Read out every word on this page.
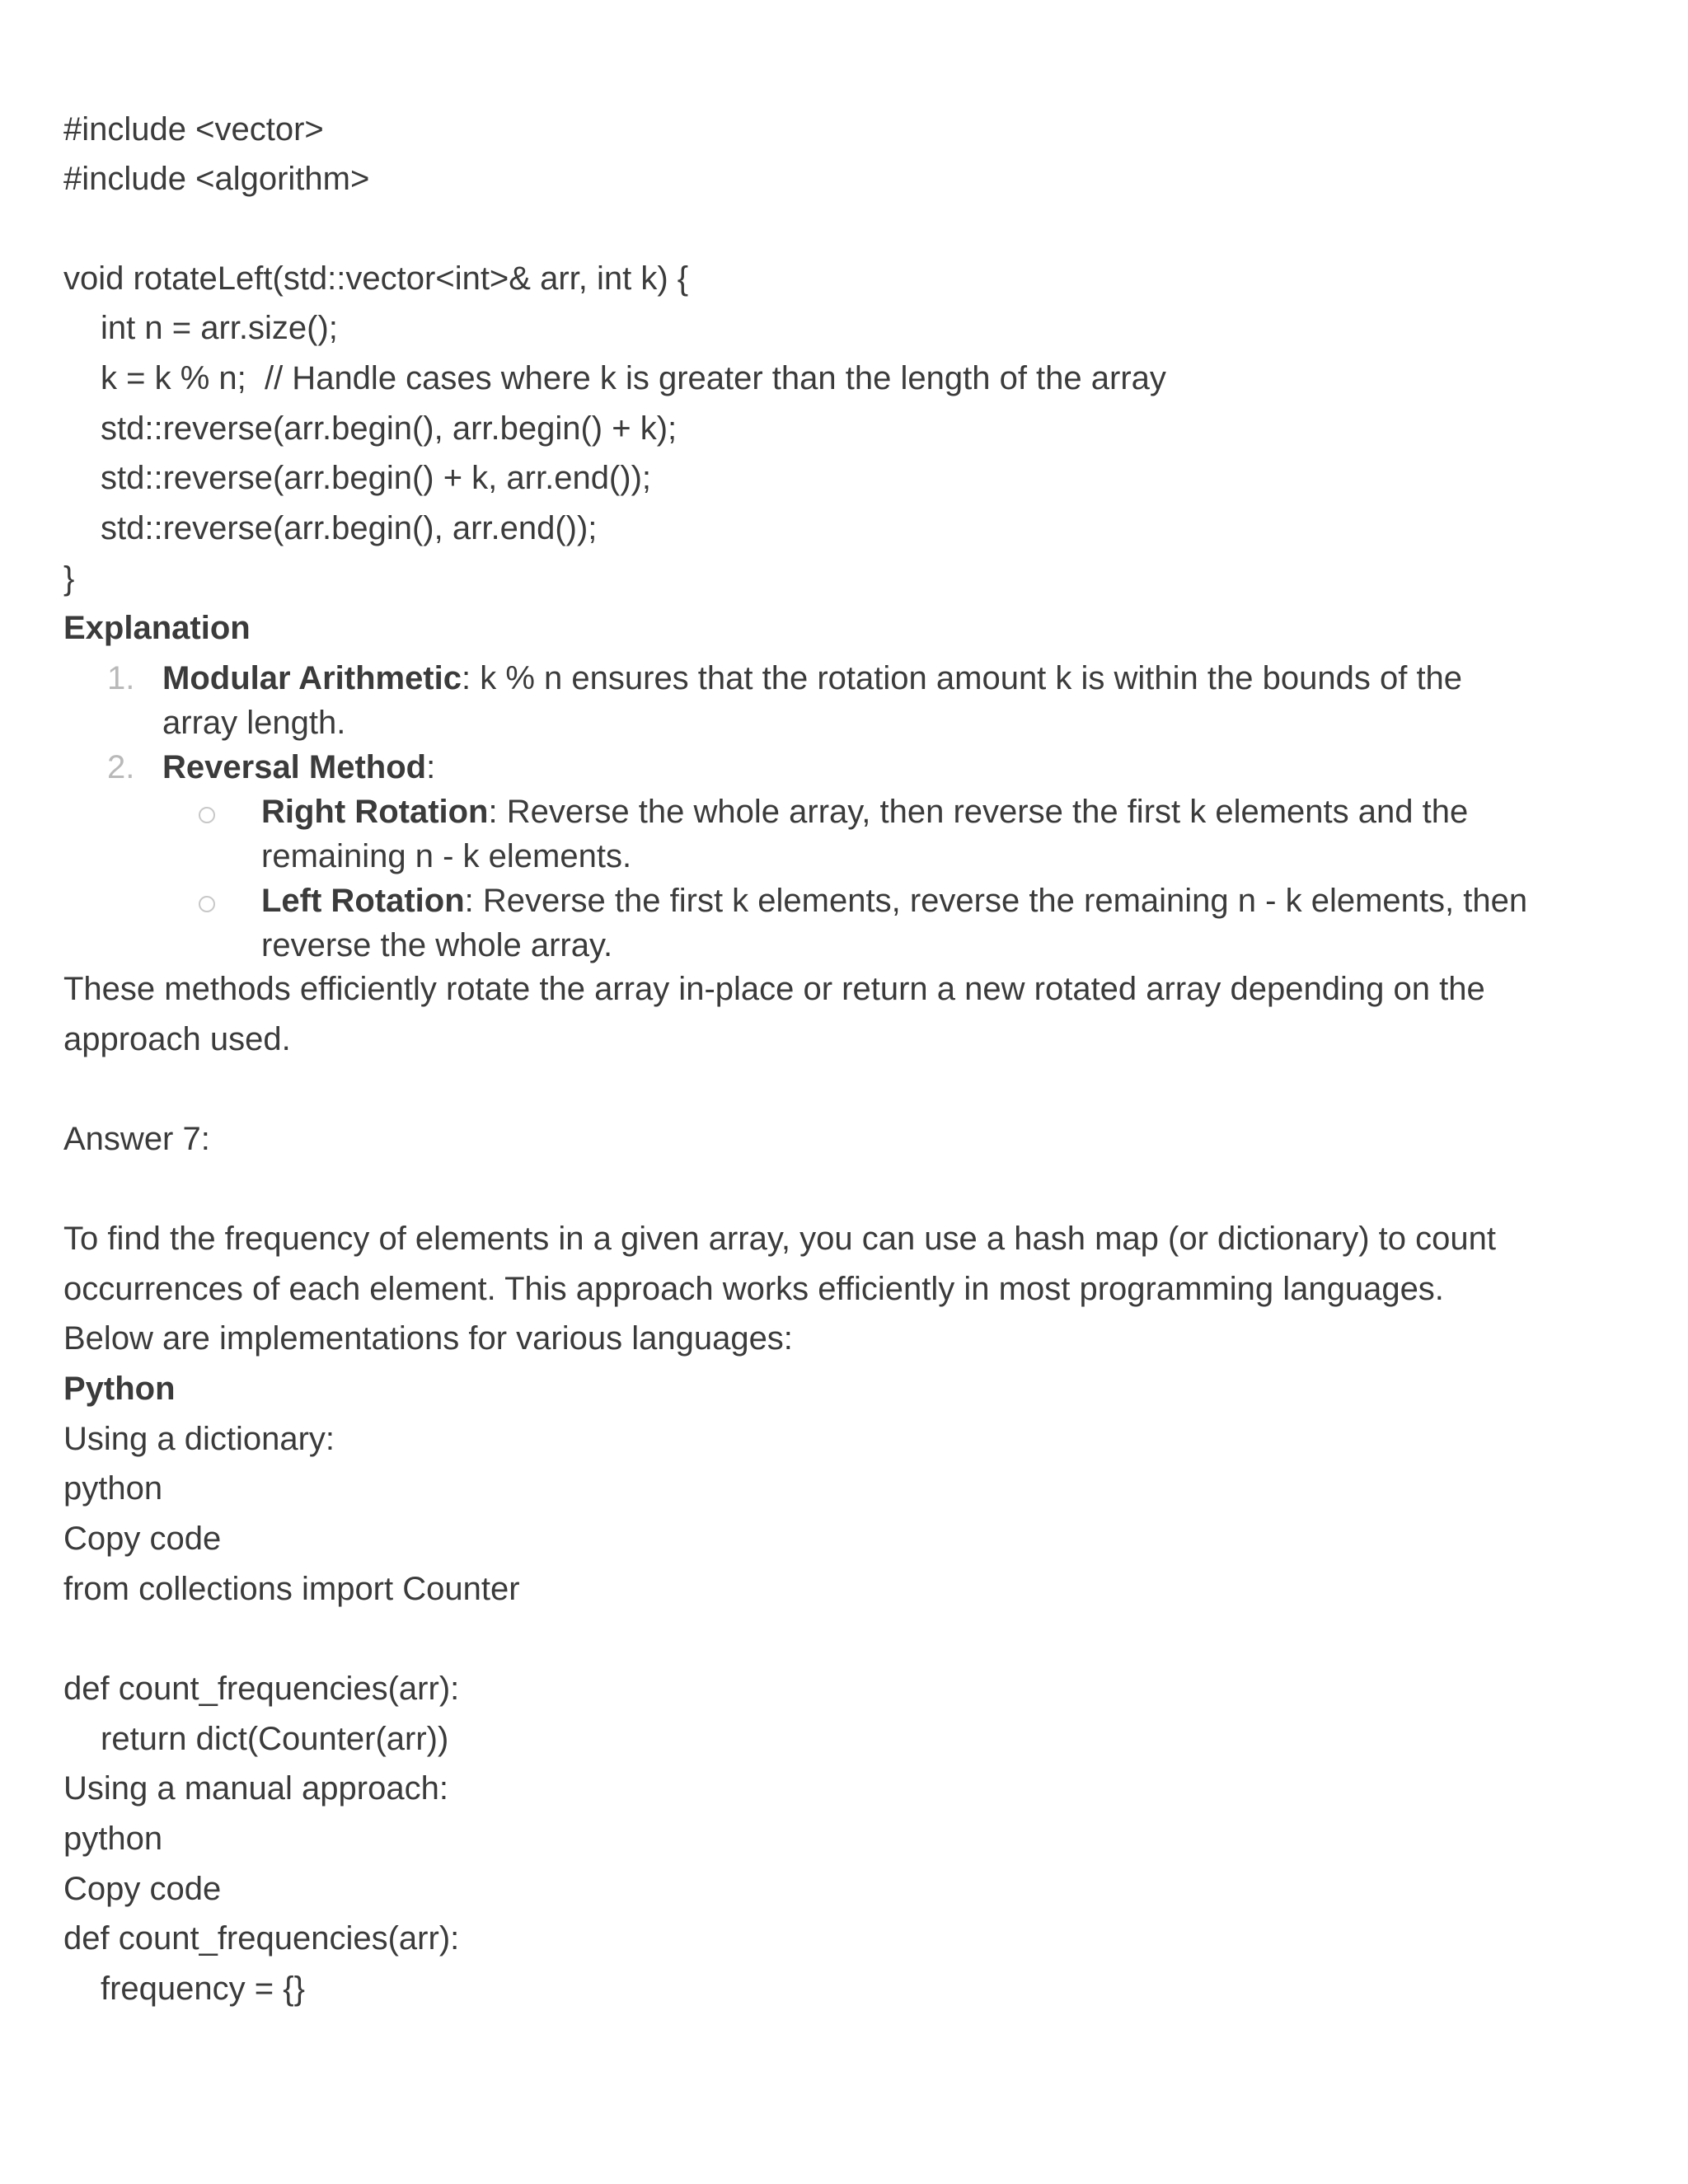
#include <vector>
#include <algorithm>
void rotateLeft(std::vector<int>& arr, int k) {
int n = arr.size();
k = k % n;  // Handle cases where k is greater than the length of the array
std::reverse(arr.begin(), arr.begin() + k);
std::reverse(arr.begin() + k, arr.end());
std::reverse(arr.begin(), arr.end());
}
Explanation
1. Modular Arithmetic: k % n ensures that the rotation amount k is within the bounds of the
array length.
2. Reversal Method:
Right Rotation: Reverse the whole array, then reverse the first k elements and the
remaining n - k elements.
Left Rotation: Reverse the first k elements, reverse the remaining n - k elements, then
reverse the whole array.
These methods efficiently rotate the array in-place or return a new rotated array depending on the
approach used.
Answer 7:
To find the frequency of elements in a given array, you can use a hash map (or dictionary) to count
occurrences of each element. This approach works efficiently in most programming languages.
Below are implementations for various languages:
Python
Using a dictionary:
python
Copy code
from collections import Counter
def count_frequencies(arr):
return dict(Counter(arr))
Using a manual approach:
python
Copy code
def count_frequencies(arr):
frequency = {}
